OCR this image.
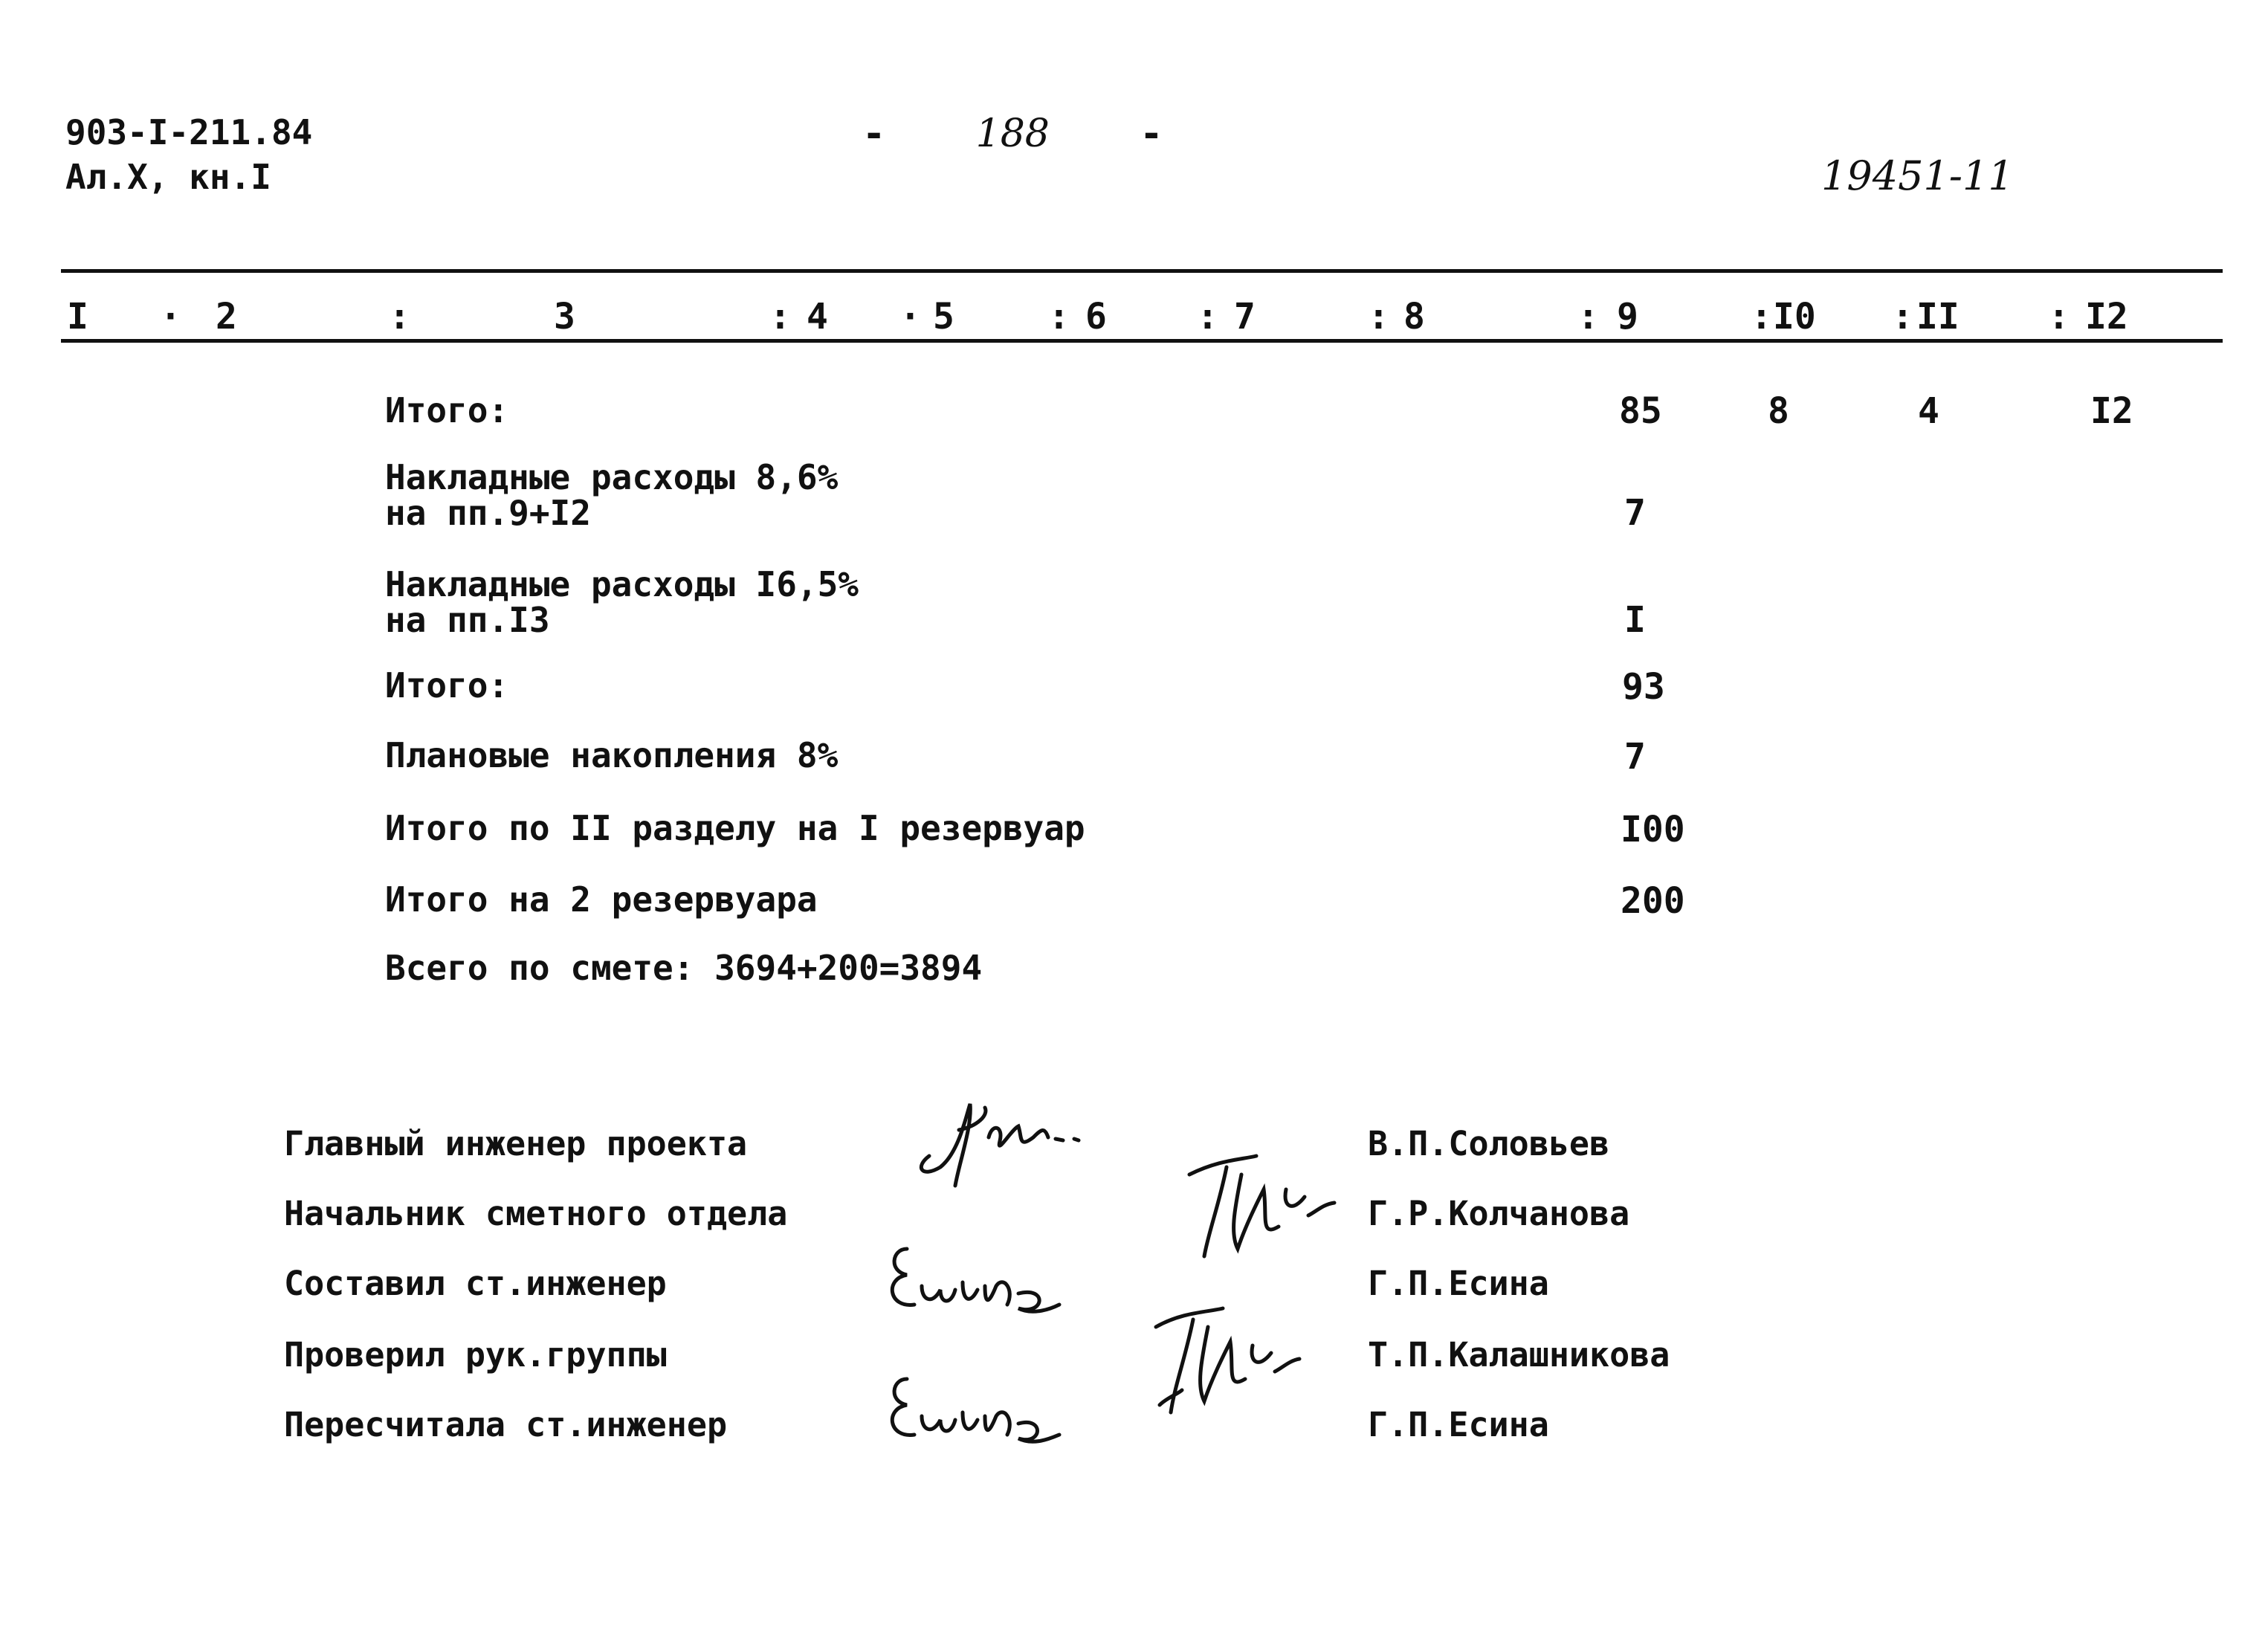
903-I-211.84
Ал.X, кн.I
- 188 -
19451-11
I · 2	:	3	: 4 · 5	: 6	: 7	: 8	: 9	: I0 : II : I2
Итого:	85	8	4	I2
Накладные расходы 8,6%
на пп.9+I2	7
Накладные расходы I6,5%
на пп.I3	I
Итого:	93
Плановые накопления 8%	7
Итого по II разделу на I резервуар	I00
Итого на 2 резервуара	200
Всего по смете: 3694+200=3894
Главный инженер проекта	В.П.Соловьев
Начальник сметного отдела	Г.Р.Колчанова
Составил ст.инженер	Г.П.Есина
Проверил рук.группы	Т.П.Калашникова
Пересчитала ст.инженер	Г.П.Есина
